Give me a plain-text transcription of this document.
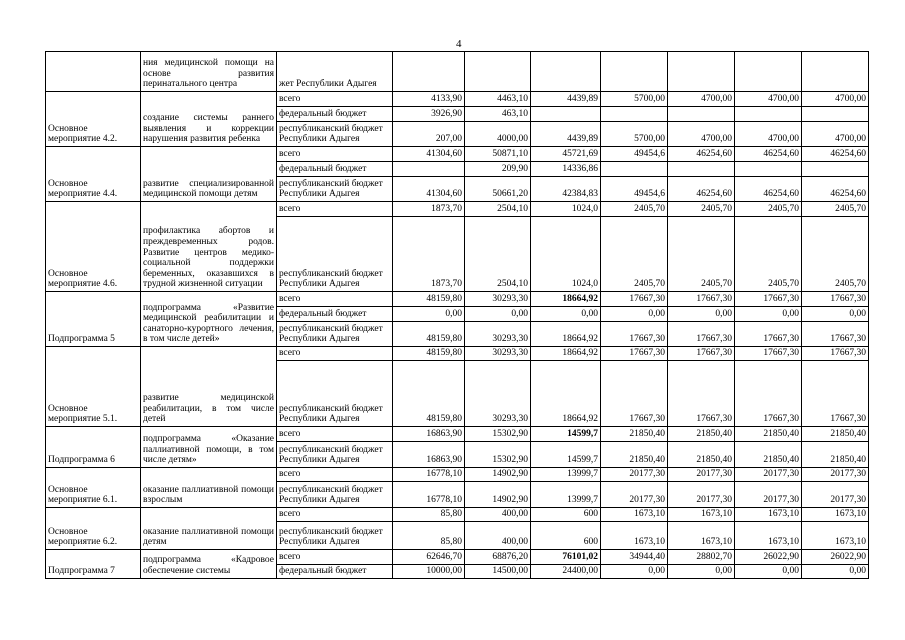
4
	ния медицинской помощи на основе развития перинатального центра	жет Республики Адыгея							
Основное мероприятие 4.2.	создание системы раннего выявления и коррекции нарушения развития ребенка	всего	4133,90	4463,10	4439,89	5700,00	4700,00	4700,00	4700,00
		федеральный бюджет	3926,90	463,10					
		республиканский бюджет Республики Адыгея	207,00	4000,00	4439,89	5700,00	4700,00	4700,00	4700,00
Основное мероприятие 4.4.	развитие специализированной медицинской помощи детям	всего	41304,60	50871,10	45721,69	49454,6	46254,60	46254,60	46254,60
		федеральный бюджет		209,90	14336,86				
		республиканский бюджет Республики Адыгея	41304,60	50661,20	42384,83	49454,6	46254,60	46254,60	46254,60
Основное мероприятие 4.6.	профилактика абортов и преждевременных родов. Развитие центров медико-социальной поддержки беременных, оказавшихся в трудной жизненной ситуации	всего	1873,70	2504,10	1024,0	2405,70	2405,70	2405,70	2405,70
		республиканский бюджет Республики Адыгея	1873,70	2504,10	1024,0	2405,70	2405,70	2405,70	2405,70
Подпрограмма 5	подпрограмма «Развитие медицинской реабилитации и санаторно-курортного лечения, в том числе детей»	всего	48159,80	30293,30	18664,92	17667,30	17667,30	17667,30	17667,30
		федеральный бюджет	0,00	0,00	0,00	0,00	0,00	0,00	0,00
		республиканский бюджет Республики Адыгея	48159,80	30293,30	18664,92	17667,30	17667,30	17667,30	17667,30
Основное мероприятие 5.1.	развитие медицинской реабилитации, в том числе детей	всего	48159,80	30293,30	18664,92	17667,30	17667,30	17667,30	17667,30
		республиканский бюджет Республики Адыгея	48159,80	30293,30	18664,92	17667,30	17667,30	17667,30	17667,30
Подпрограмма 6	подпрограмма «Оказание паллиативной помощи, в том числе детям»	всего	16863,90	15302,90	14599,7	21850,40	21850,40	21850,40	21850,40
		республиканский бюджет Республики Адыгея	16863,90	15302,90	14599,7	21850,40	21850,40	21850,40	21850,40
Основное мероприятие 6.1.	оказание паллиативной помощи взрослым	всего	16778,10	14902,90	13999,7	20177,30	20177,30	20177,30	20177,30
		республиканский бюджет Республики Адыгея	16778,10	14902,90	13999,7	20177,30	20177,30	20177,30	20177,30
Основное мероприятие 6.2.	оказание паллиативной помощи детям	всего	85,80	400,00	600	1673,10	1673,10	1673,10	1673,10
		республиканский бюджет Республики Адыгея	85,80	400,00	600	1673,10	1673,10	1673,10	1673,10
Подпрограмма 7	подпрограмма «Кадровое обеспечение системы	всего	62646,70	68876,20	76101,02	34944,40	28802,70	26022,90	26022,90
		федеральный бюджет	10000,00	14500,00	24400,00	0,00	0,00	0,00	0,00
